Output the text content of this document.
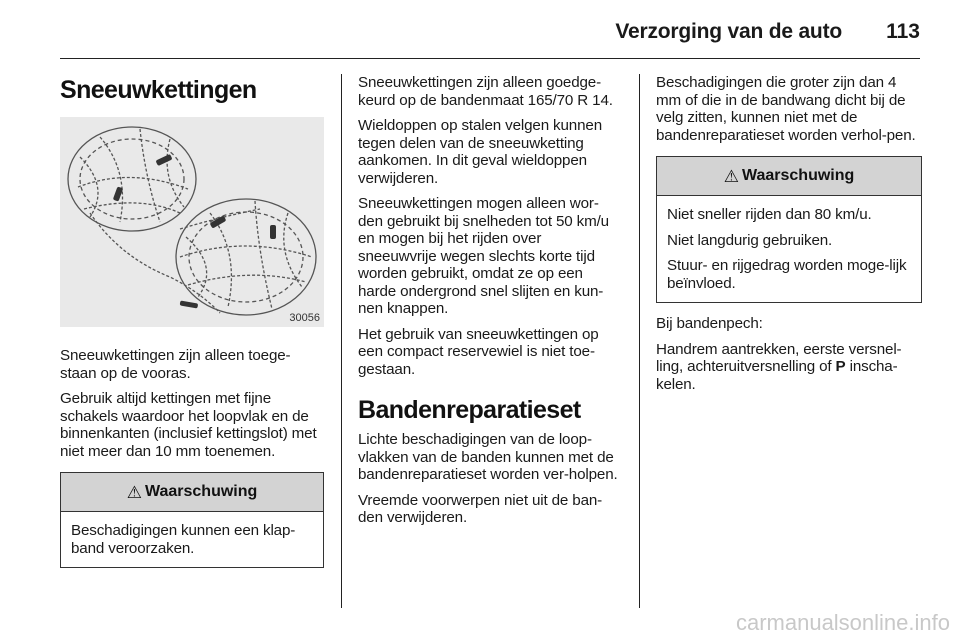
Verzorging van de auto 113
Sneeuwkettingen
30056

Sneeuwkettingen zijn alleen toege-staan op de vooras.

Gebruik altijd kettingen met fijne schakels waardoor het loopvlak en de binnenkanten (inclusief kettingslot) met niet meer dan 10 mm toenemen.

⚠ Waarschuwing

Beschadigingen kunnen een klap-band veroorzaken.

Sneeuwkettingen zijn alleen goedge-keurd op de bandenmaat 165/70 R 14.

Wieldoppen op stalen velgen kunnen tegen delen van de sneeuwketting aankomen. In dit geval wieldoppen verwijderen.

Sneeuwkettingen mogen alleen wor-den gebruikt bij snelheden tot 50 km/u en mogen bij het rijden over sneeuwvrije wegen slechts korte tijd worden gebruikt, omdat ze op een harde ondergrond snel slijten en kun-nen knappen.

Het gebruik van sneeuwkettingen op een compact reservewiel is niet toe-gestaan.

Bandenreparatieset

Lichte beschadigingen van de loop-vlakken van de banden kunnen met de bandenreparatieset worden ver-holpen.

Vreemde voorwerpen niet uit de ban-den verwijderen.

Beschadigingen die groter zijn dan 4 mm of die in de bandwang dicht bij de velg zitten, kunnen niet met de bandenreparatieset worden verhol-pen.

⚠ Waarschuwing

Niet sneller rijden dan 80 km/u.

Niet langdurig gebruiken.

Stuur- en rijgedrag worden moge-lijk beïnvloed.

Bij bandenpech:

Handrem aantrekken, eerste versnel-ling, achteruitversnelling of P inscha-kelen.

carmanualsonline.info
